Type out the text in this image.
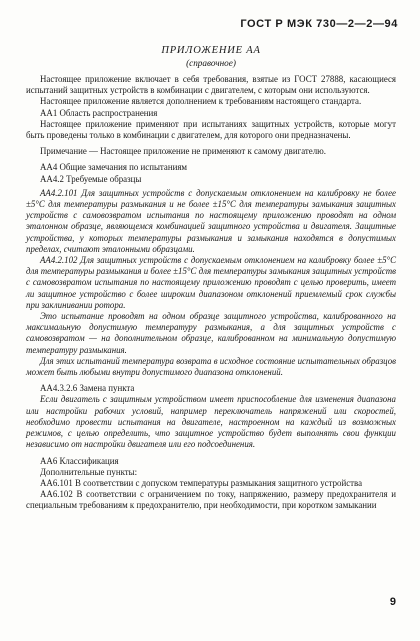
ГОСТ Р МЭК 730—2—2—94

ПРИЛОЖЕНИЕ АА

(справочное)

Настоящее приложение включает в себя требования, взятые из ГОСТ 27888, касающиеся испытаний защитных устройств в комбинации с двигателем, с которым они используются.

Настоящее приложение является дополнением к требованиям настоящего стандарта.

АА1 Область распространения

Настоящее приложение применяют при испытаниях защитных устройств, которые могут быть проведены только в комбинации с двигателем, для которого они предназначены.

Примечание — Настоящее приложение не применяют к самому двигателю.

АА4 Общие замечания по испытаниям

АА4.2 Требуемые образцы

АА4.2.101 Для защитных устройств с допускаемым отклонением на калибровку не более ±5°С для температуры размыкания и не более ±15°С для температуры замыкания защитных устройств с самовозвратом испытания по настоящему приложению проводят на одном эталонном образце, являющемся комбинацией защитного устройства и двигателя. Защитные устройства, у которых температуры размыкания и замыкания находятся в допустимых пределах, считают эталонными образцами.

АА4.2.102 Для защитных устройств с допускаемым отклонением на калибровку более ±5°С для температуры размыкания и более ±15°С для температуры замыкания защитных устройств с самовозвратом испытания по настоящему приложению проводят с целью проверить, имеет ли защитное устройство с более широким диапазоном отклонений приемлемый срок службы при заклинивании ротора.

Это испытание проводят на одном образце защитного устройства, калиброванного на максимальную допустимую температуру размыкания, а для защитных устройств с самовозвратом — на дополнительном образце, калиброванном на минимальную допустимую температуру размыкания.

Для этих испытаний температура возврата в исходное состояние испытательных образцов может быть любыми внутри допустимого диапазона отклонений.

АА4.3.2.6 Замена пункта

Если двигатель с защитным устройством имеет приспособление для изменения диапазона или настройки рабочих условий, например переключатель напряжений или скоростей, необходимо провести испытания на двигателе, настроенном на каждый из возможных режимов, с целью определить, что защитное устройство будет выполнять свои функции независимо от настройки двигателя или его подсоединения.

АА6 Классификация

Дополнительные пункты:

АА6.101 В соответствии с допуском температуры размыкания защитного устройства

АА6.102 В соответствии с ограничением по току, напряжению, размеру предохранителя и специальным требованиям к предохранителю, при необходимости, при коротком замыкании

9
